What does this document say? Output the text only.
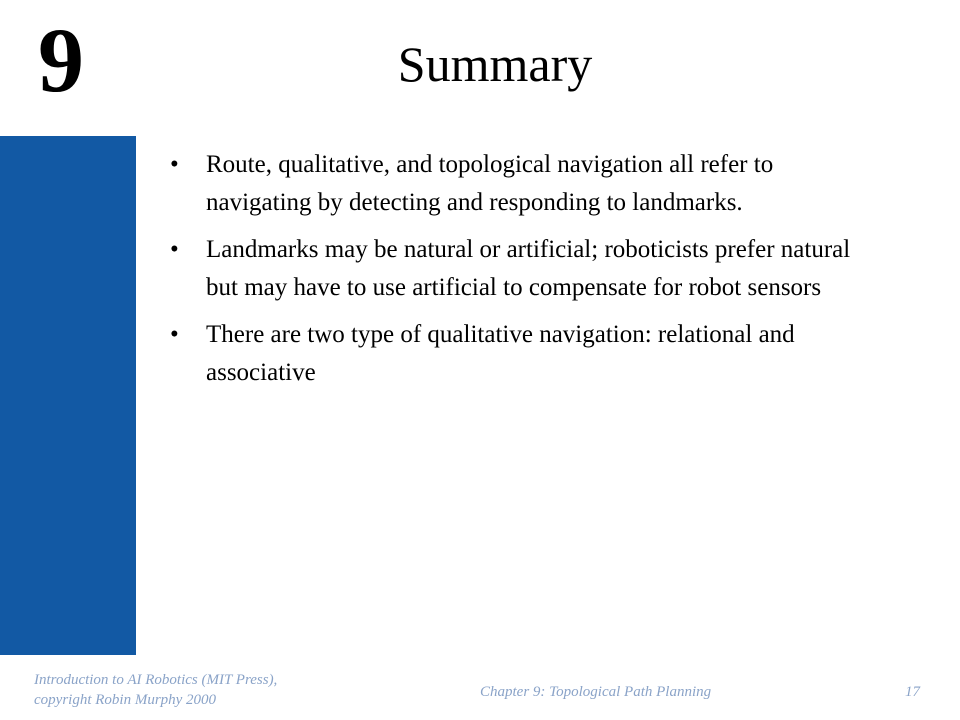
9	Summary
• Route, qualitative, and topological navigation all refer to navigating by detecting and responding to landmarks.
• Landmarks may be natural or artificial; roboticists prefer natural but may have to use artificial to compensate for robot sensors
• There are two type of qualitative navigation: relational and associative
Introduction to AI Robotics (MIT Press),
copyright Robin Murphy 2000	Chapter 9: Topological Path Planning	17
